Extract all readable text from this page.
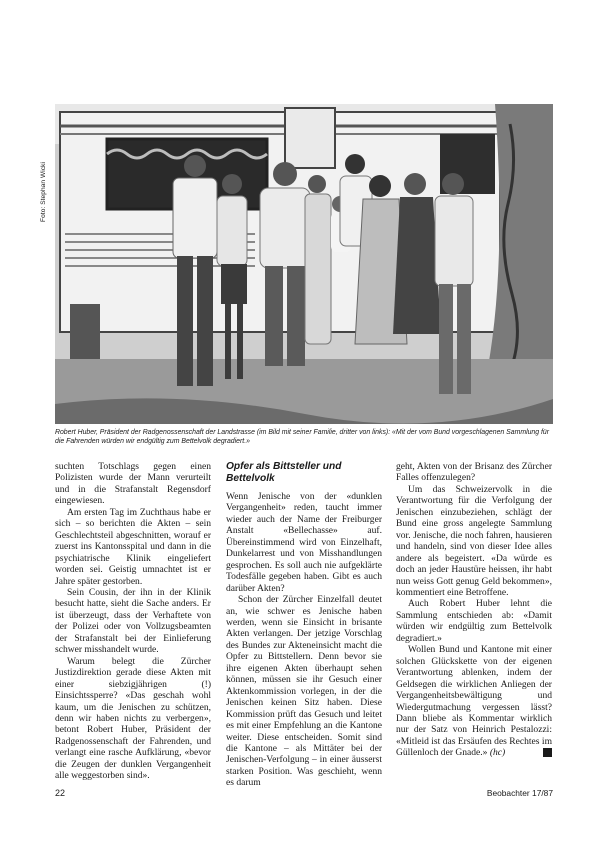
Foto: Stephan Wicki
Robert Huber, Präsident der Radgenossenschaft der Landstrasse (im Bild mit seiner Familie, dritter von links): «Mit der vom Bund vorgeschlagenen Sammlung für die Fahrenden würden wir endgültig zum Bettelvolk degradiert.»

suchten Totschlags gegen einen Polizisten wurde der Mann verurteilt und in die Strafanstalt Regensdorf eingewiesen.

Am ersten Tag im Zuchthaus habe er sich – so berichten die Akten – sein Geschlechtsteil abgeschnitten, worauf er zuerst ins Kantonsspital und dann in die psychiatrische Klinik eingeliefert worden sei. Geistig umnachtet ist er Jahre später gestorben.

Sein Cousin, der ihn in der Klinik besucht hatte, sieht die Sache anders. Er ist überzeugt, dass der Verhaftete von der Polizei oder von Vollzugsbeamten der Strafanstalt bei der Einlieferung schwer misshandelt wurde.

Warum belegt die Zürcher Justizdirektion gerade diese Akten mit einer siebzigjährigen (!) Einsichtssperre? «Das geschah wohl kaum, um die Jenischen zu schützen, denn wir haben nichts zu verbergen», betont Robert Huber, Präsident der Radgenossenschaft der Fahrenden, und verlangt eine rasche Aufklärung, «bevor die Zeugen der dunklen Vergangenheit alle weggestorben sind».

Opfer als Bittsteller und Bettelvolk

Wenn Jenische von der «dunklen Vergangenheit» reden, taucht immer wieder auch der Name der Freiburger Anstalt «Bellechasse» auf. Übereinstimmend wird von Einzelhaft, Dunkelarrest und von Misshandlungen gesprochen. Es soll auch nie aufgeklärte Todesfälle gegeben haben. Gibt es auch darüber Akten?

Schon der Zürcher Einzelfall deutet an, wie schwer es Jenische haben werden, wenn sie Einsicht in brisante Akten verlangen. Der jetzige Vorschlag des Bundes zur Akteneinsicht macht die Opfer zu Bittstellern. Denn bevor sie ihre eigenen Akten überhaupt sehen können, müssen sie ihr Gesuch einer Aktenkommission vorlegen, in der die Jenischen keinen Sitz haben. Diese Kommission prüft das Gesuch und leitet es mit einer Empfehlung an die Kantone weiter. Diese entscheiden. Somit sind die Kantone – als Mittäter bei der Jenischen-Verfolgung – in einer äusserst starken Position. Was geschieht, wenn es darum

geht, Akten von der Brisanz des Zürcher Falles offenzulegen?

Um das Schweizervolk in die Verantwortung für die Verfolgung der Jenischen einzubeziehen, schlägt der Bund eine gross angelegte Sammlung vor. Jenische, die noch fahren, hausieren und handeln, sind von dieser Idee alles andere als begeistert. «Da würde es doch an jeder Haustüre heissen, ihr habt nun weiss Gott genug Geld bekommen», kommentiert eine Betroffene.

Auch Robert Huber lehnt die Sammlung entschieden ab: «Damit würden wir endgültig zum Bettelvolk degradiert.»

Wollen Bund und Kantone mit einer solchen Glückskette von der eigenen Verantwortung ablenken, indem der Geldsegen die wirklichen Anliegen der Vergangenheitsbewältigung und Wiedergutmachung vergessen lässt? Dann bliebe als Kommentar wirklich nur der Satz von Heinrich Pestalozzi: «Mitleid ist das Ersäufen des Rechtes im Güllenloch der Gnade.» (hc)	B

22	Beobachter 17/87
